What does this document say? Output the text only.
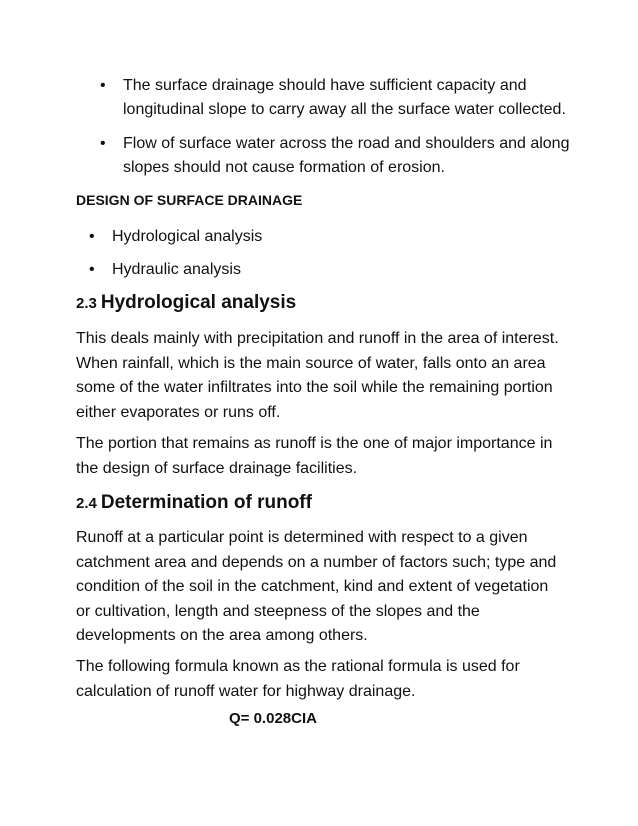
• The surface drainage should have sufficient capacity and longitudinal slope to carry away all the surface water collected.
• Flow of surface water across the road and shoulders and along slopes should not cause formation of erosion.
DESIGN OF SURFACE DRAINAGE
• Hydrological analysis
• Hydraulic analysis
2.3 Hydrological analysis

This deals mainly with precipitation and runoff in the area of interest. When rainfall, which is the main source of water, falls onto an area some of the water infiltrates into the soil while the remaining portion either evaporates or runs off.

The portion that remains as runoff is the one of major importance in the design of surface drainage facilities.

2.4 Determination of runoff

Runoff at a particular point is determined with respect to a given catchment area and depends on a number of factors such; type and condition of the soil in the catchment, kind and extent of vegetation or cultivation, length and steepness of the slopes and the developments on the area among others.

The following formula known as the rational formula is used for calculation of runoff water for highway drainage.

Q= 0.028CIA
